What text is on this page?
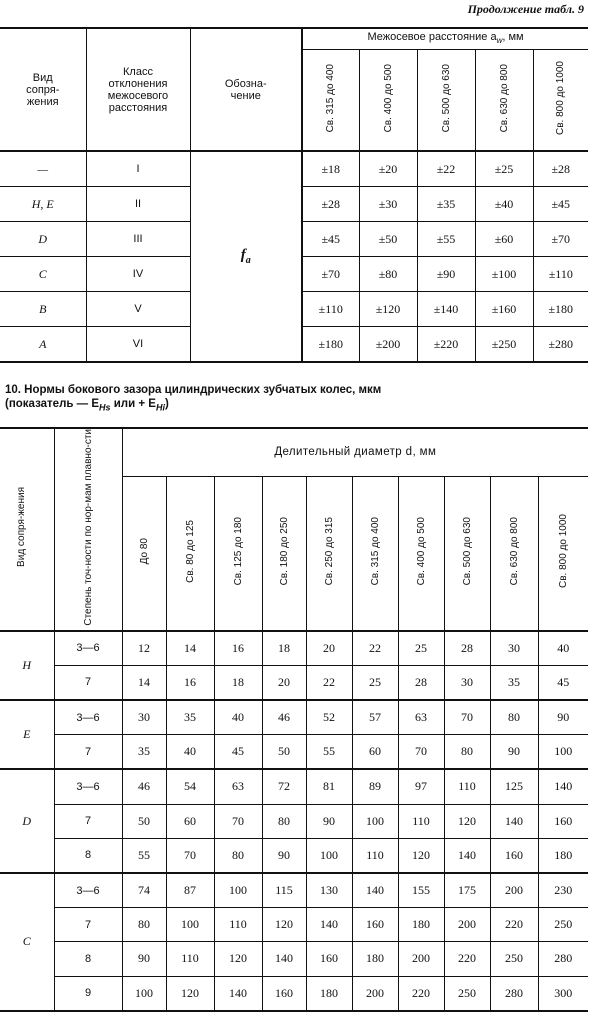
Продолжение табл. 9
Вид сопря-жения	Класс отклонения межосевого расстояния	Обозна-чение	Межосевое расстояние $a_w$, мм				
			Св. 315 до 400	Св. 400 до 500	Св. 500 до 630	Св. 630 до 800	Св. 800 до 1000
—	I	$f_a$	±18	±20	±22	±25	±28
H, E	II		±28	±30	±35	±40	±45
D	III		±45	±50	±55	±60	±70
C	IV		±70	±80	±90	±100	±110
B	V		±110	±120	±140	±160	±180
A	VI		±180	±200	±220	±250	±280
10. Нормы бокового зазора цилиндрических зубчатых колес, мкм
(показатель — $E_{Hs}$ или + $E_{Hi}$)
Вид сопря-жения	Степень точ-ности по нор-мам плавно-сти	Делительный диаметр d, мм									
		До 80	Св. 80 до 125	Св. 125 до 180	Св. 180 до 250	Св. 250 до 315	Св. 315 до 400	Св. 400 до 500	Св. 500 до 630	Св. 630 до 800	Св. 800 до 1000
H	3—6	12	14	16	18	20	22	25	28	30	40
	7	14	16	18	20	22	25	28	30	35	45
E	3—6	30	35	40	46	52	57	63	70	80	90
	7	35	40	45	50	55	60	70	80	90	100
D	3—6	46	54	63	72	81	89	97	110	125	140
	7	50	60	70	80	90	100	110	120	140	160
	8	55	70	80	90	100	110	120	140	160	180
C	3—6	74	87	100	115	130	140	155	175	200	230
	7	80	100	110	120	140	160	180	200	220	250
	8	90	110	120	140	160	180	200	220	250	280
	9	100	120	140	160	180	200	220	250	280	300
